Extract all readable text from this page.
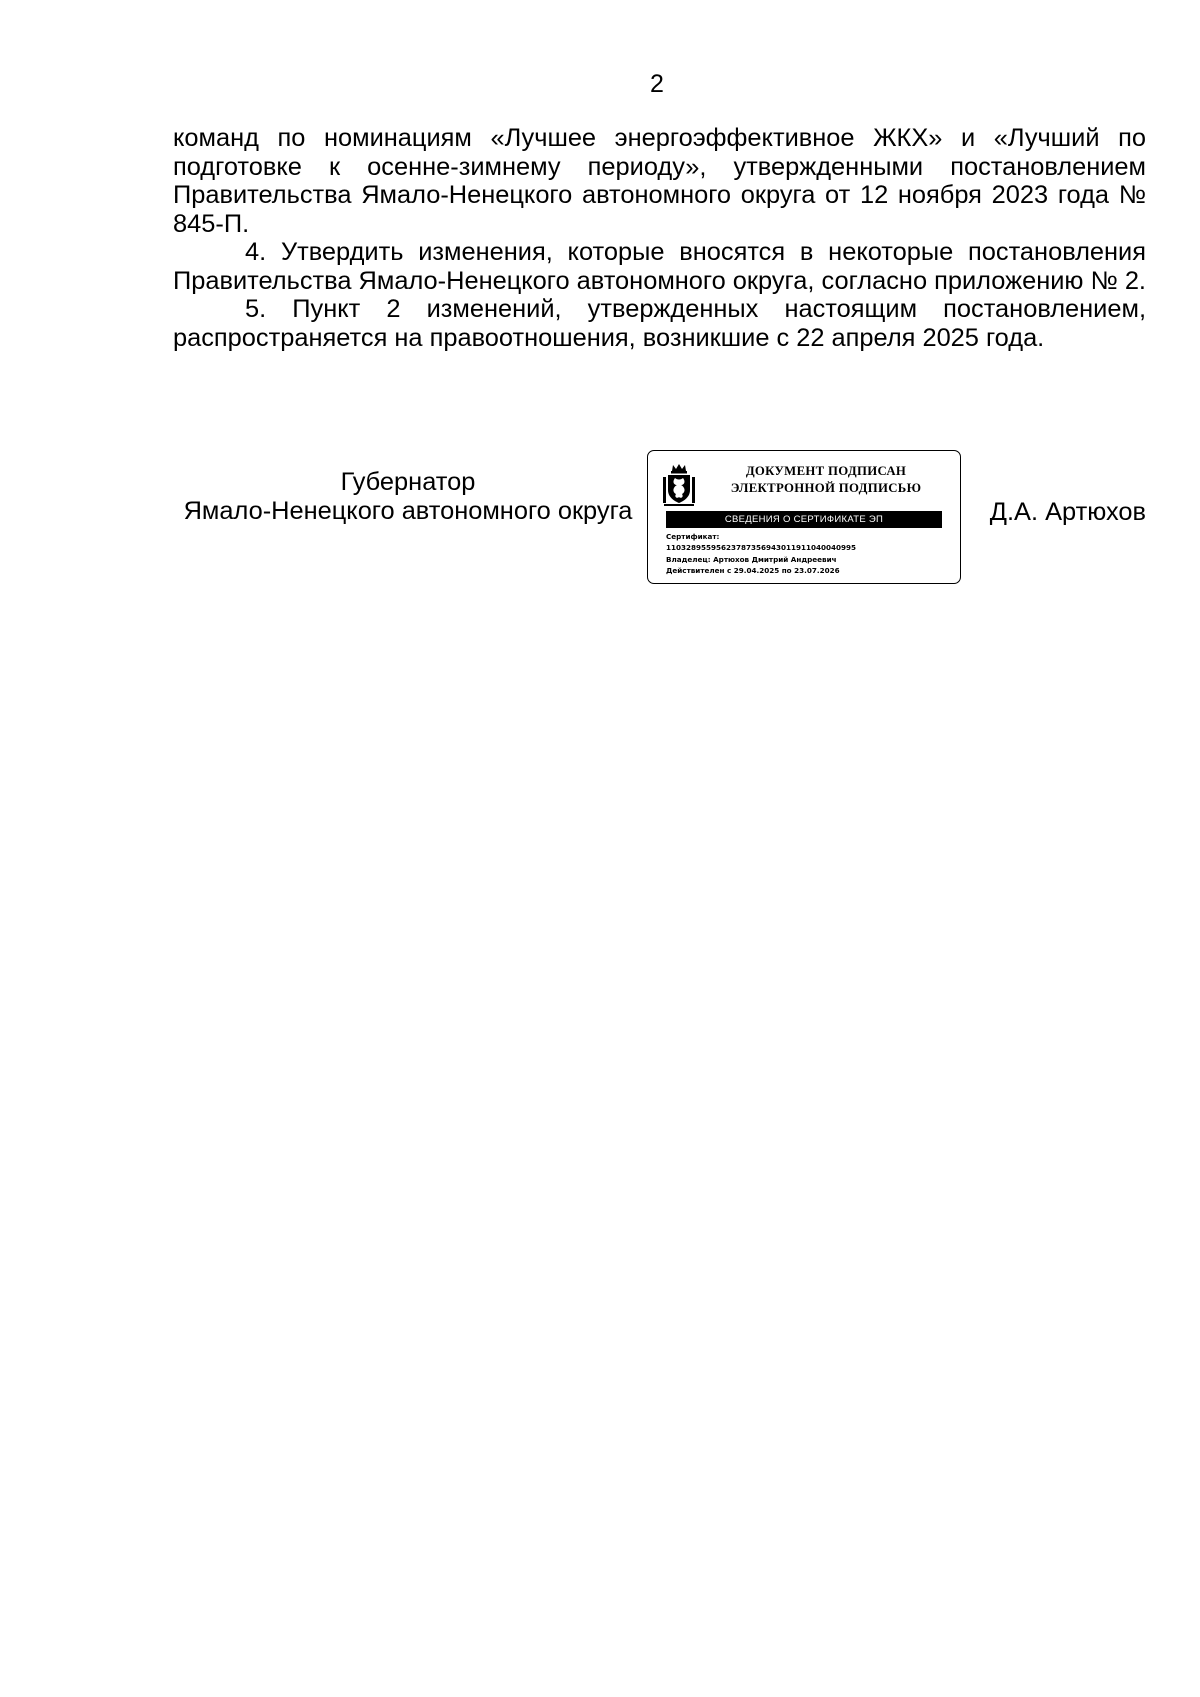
2

команд по номинациям «Лучшее энергоэффективное ЖКХ» и «Лучший по подготовке к осенне-зимнему периоду», утвержденными постановлением Правительства Ямало-Ненецкого автономного округа от 12 ноября 2023 года № 845-П.

4. Утвердить изменения, которые вносятся в некоторые постановления Правительства Ямало-Ненецкого автономного округа, согласно приложению № 2.

5. Пункт 2 изменений, утвержденных настоящим постановлением, распространяется на правоотношения, возникшие с 22 апреля 2025 года.

Губернатор
Ямало-Ненецкого автономного округа
ДОКУМЕНТ ПОДПИСАН
ЭЛЕКТРОННОЙ ПОДПИСЬЮ
СВЕДЕНИЯ О СЕРТИФИКАТЕ ЭП
Сертификат:
11032895595623787356943011911040040995
Владелец: Артюхов Дмитрий Андреевич
Действителен с 29.04.2025 по 23.07.2026
Д.А. Артюхов
